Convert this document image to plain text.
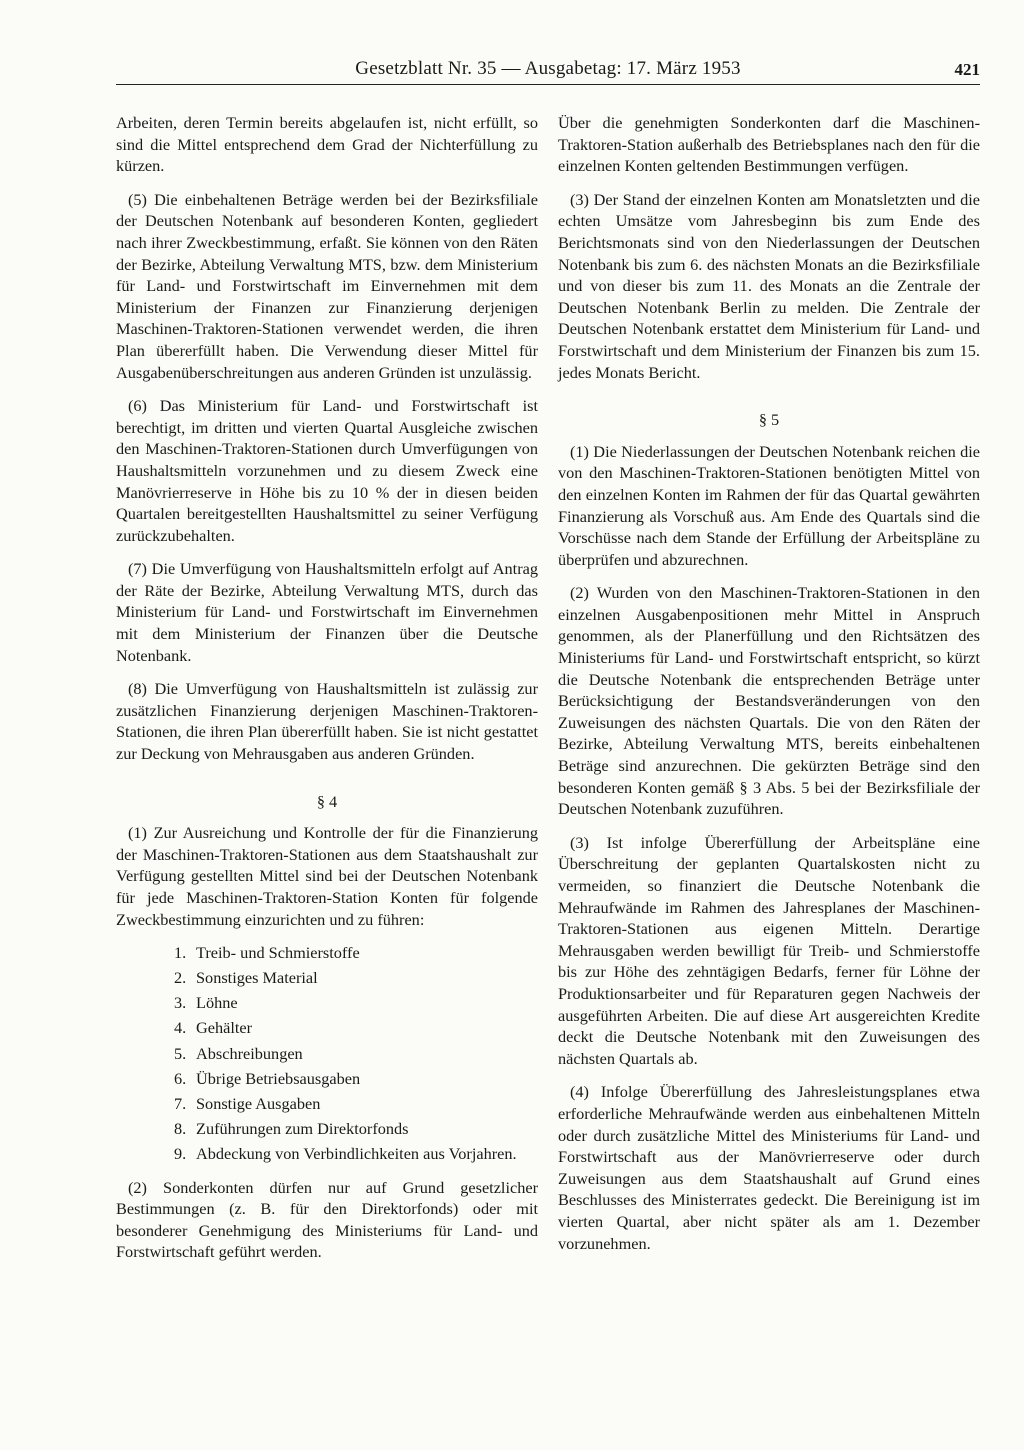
Gesetzblatt Nr. 35 — Ausgabetag: 17. März 1953	421

Arbeiten, deren Termin bereits abgelaufen ist, nicht erfüllt, so sind die Mittel entsprechend dem Grad der Nichterfüllung zu kürzen.

(5) Die einbehaltenen Beträge werden bei der Bezirksfiliale der Deutschen Notenbank auf besonderen Konten, gegliedert nach ihrer Zweckbestimmung, erfaßt. Sie können von den Räten der Bezirke, Abteilung Verwaltung MTS, bzw. dem Ministerium für Land- und Forstwirtschaft im Einvernehmen mit dem Ministerium der Finanzen zur Finanzierung derjenigen Maschinen-Traktoren-Stationen verwendet werden, die ihren Plan übererfüllt haben. Die Verwendung dieser Mittel für Ausgabenüberschreitungen aus anderen Gründen ist unzulässig.

(6) Das Ministerium für Land- und Forstwirtschaft ist berechtigt, im dritten und vierten Quartal Ausgleiche zwischen den Maschinen-Traktoren-Stationen durch Umverfügungen von Haushaltsmitteln vorzunehmen und zu diesem Zweck eine Manövrierreserve in Höhe bis zu 10 % der in diesen beiden Quartalen bereitgestellten Haushaltsmittel zu seiner Verfügung zurückzubehalten.

(7) Die Umverfügung von Haushaltsmitteln erfolgt auf Antrag der Räte der Bezirke, Abteilung Verwaltung MTS, durch das Ministerium für Land- und Forstwirtschaft im Einvernehmen mit dem Ministerium der Finanzen über die Deutsche Notenbank.

(8) Die Umverfügung von Haushaltsmitteln ist zulässig zur zusätzlichen Finanzierung derjenigen Maschinen-Traktoren-Stationen, die ihren Plan übererfüllt haben. Sie ist nicht gestattet zur Deckung von Mehrausgaben aus anderen Gründen.

§ 4

(1) Zur Ausreichung und Kontrolle der für die Finanzierung der Maschinen-Traktoren-Stationen aus dem Staatshaushalt zur Verfügung gestellten Mittel sind bei der Deutschen Notenbank für jede Maschinen-Traktoren-Station Konten für folgende Zweckbestimmung einzurichten und zu führen:

1. Treib- und Schmierstoffe
2. Sonstiges Material
3. Löhne
4. Gehälter
5. Abschreibungen
6. Übrige Betriebsausgaben
7. Sonstige Ausgaben
8. Zuführungen zum Direktorfonds
9. Abdeckung von Verbindlichkeiten aus Vorjahren.

(2) Sonderkonten dürfen nur auf Grund gesetzlicher Bestimmungen (z. B. für den Direktorfonds) oder mit besonderer Genehmigung des Ministeriums für Land- und Forstwirtschaft geführt werden.

Über die genehmigten Sonderkonten darf die Maschinen-Traktoren-Station außerhalb des Betriebsplanes nach den für die einzelnen Konten geltenden Bestimmungen verfügen.

(3) Der Stand der einzelnen Konten am Monatsletzten und die echten Umsätze vom Jahresbeginn bis zum Ende des Berichtsmonats sind von den Niederlassungen der Deutschen Notenbank bis zum 6. des nächsten Monats an die Bezirksfiliale und von dieser bis zum 11. des Monats an die Zentrale der Deutschen Notenbank Berlin zu melden. Die Zentrale der Deutschen Notenbank erstattet dem Ministerium für Land- und Forstwirtschaft und dem Ministerium der Finanzen bis zum 15. jedes Monats Bericht.

§ 5

(1) Die Niederlassungen der Deutschen Notenbank reichen die von den Maschinen-Traktoren-Stationen benötigten Mittel von den einzelnen Konten im Rahmen der für das Quartal gewährten Finanzierung als Vorschuß aus. Am Ende des Quartals sind die Vorschüsse nach dem Stande der Erfüllung der Arbeitspläne zu überprüfen und abzurechnen.

(2) Wurden von den Maschinen-Traktoren-Stationen in den einzelnen Ausgabenpositionen mehr Mittel in Anspruch genommen, als der Planerfüllung und den Richtsätzen des Ministeriums für Land- und Forstwirtschaft entspricht, so kürzt die Deutsche Notenbank die entsprechenden Beträge unter Berücksichtigung der Bestandsveränderungen von den Zuweisungen des nächsten Quartals. Die von den Räten der Bezirke, Abteilung Verwaltung MTS, bereits einbehaltenen Beträge sind anzurechnen. Die gekürzten Beträge sind den besonderen Konten gemäß § 3 Abs. 5 bei der Bezirksfiliale der Deutschen Notenbank zuzuführen.

(3) Ist infolge Übererfüllung der Arbeitspläne eine Überschreitung der geplanten Quartalskosten nicht zu vermeiden, so finanziert die Deutsche Notenbank die Mehraufwände im Rahmen des Jahresplanes der Maschinen-Traktoren-Stationen aus eigenen Mitteln. Derartige Mehrausgaben werden bewilligt für Treib- und Schmierstoffe bis zur Höhe des zehntägigen Bedarfs, ferner für Löhne der Produktionsarbeiter und für Reparaturen gegen Nachweis der ausgeführten Arbeiten. Die auf diese Art ausgereichten Kredite deckt die Deutsche Notenbank mit den Zuweisungen des nächsten Quartals ab.

(4) Infolge Übererfüllung des Jahresleistungsplanes etwa erforderliche Mehraufwände werden aus einbehaltenen Mitteln oder durch zusätzliche Mittel des Ministeriums für Land- und Forstwirtschaft aus der Manövrierreserve oder durch Zuweisungen aus dem Staatshaushalt auf Grund eines Beschlusses des Ministerrates gedeckt. Die Bereinigung ist im vierten Quartal, aber nicht später als am 1. Dezember vorzunehmen.
